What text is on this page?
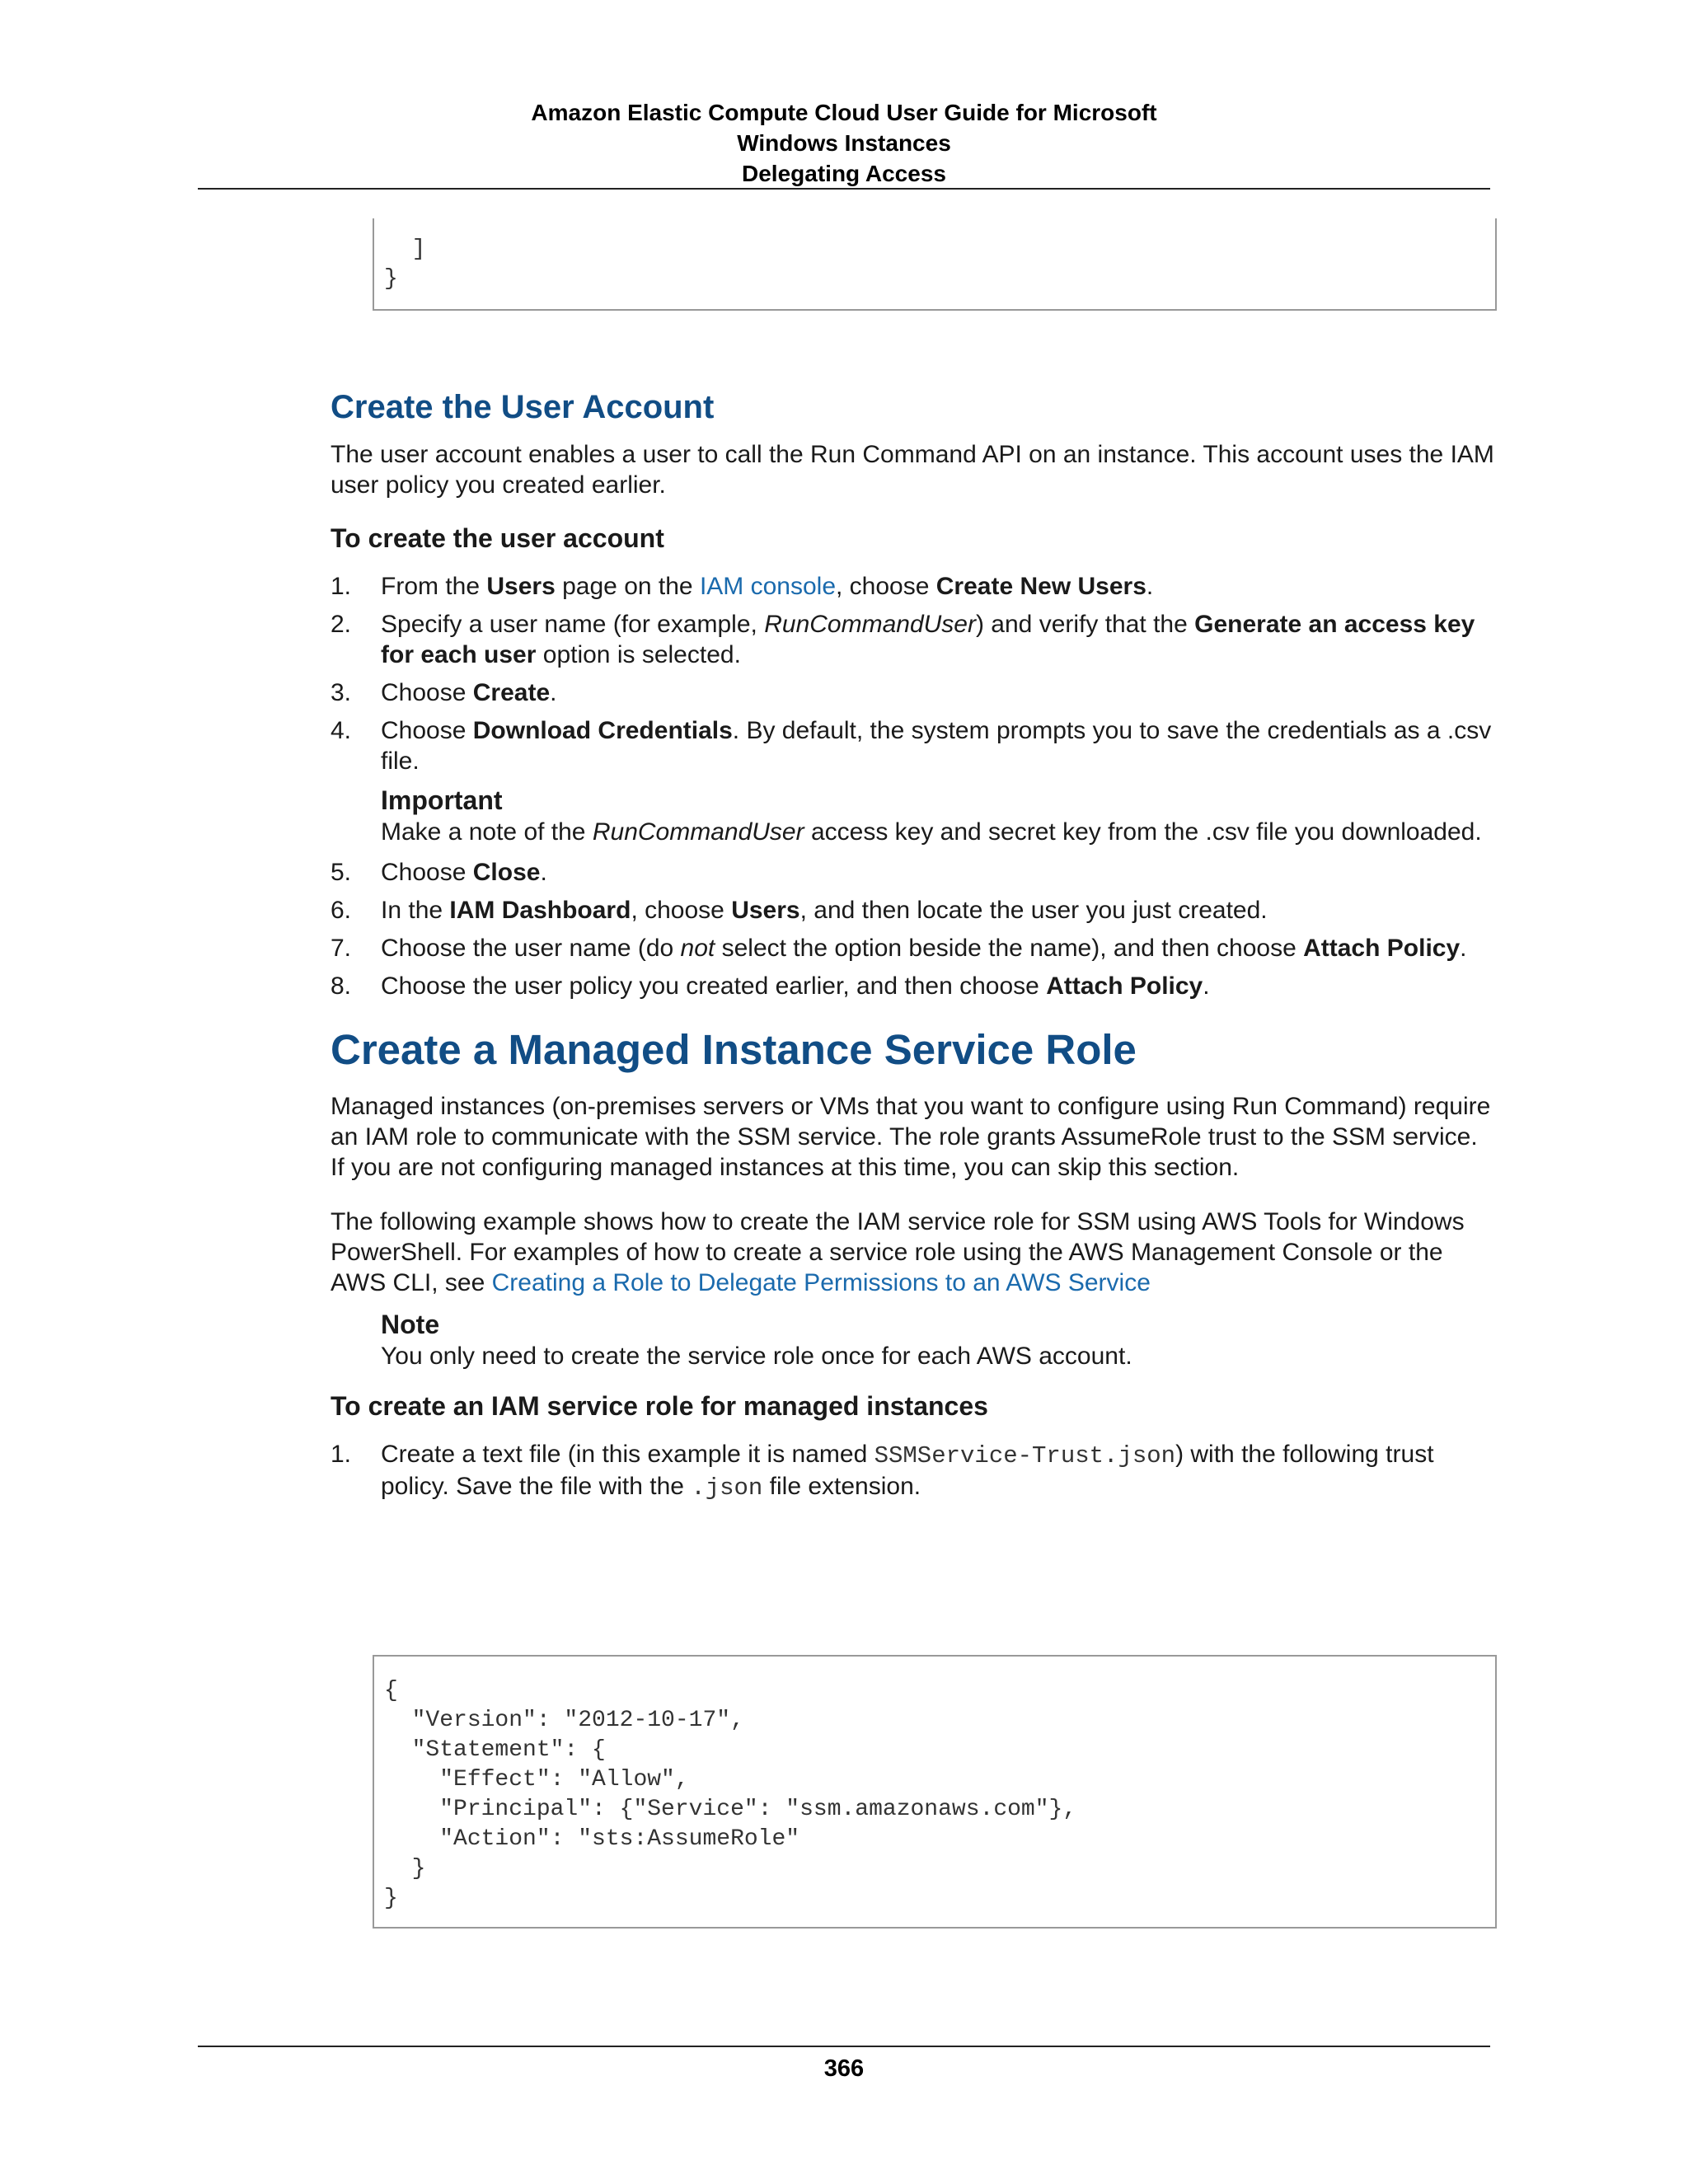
Amazon Elastic Compute Cloud User Guide for Microsoft
Windows Instances
Delegating Access
]
}
Create the User Account

The user account enables a user to call the Run Command API on an instance. This account uses the IAM user policy you created earlier.

To create the user account
1. From the Users page on the IAM console, choose Create New Users.
2. Specify a user name (for example, RunCommandUser) and verify that the Generate an access key for each user option is selected.
3. Choose Create.
4. Choose Download Credentials. By default, the system prompts you to save the credentials as a .csv file.
Important
Make a note of the RunCommandUser access key and secret key from the .csv file you downloaded.
5. Choose Close.
6. In the IAM Dashboard, choose Users, and then locate the user you just created.
7. Choose the user name (do not select the option beside the name), and then choose Attach Policy.
8. Choose the user policy you created earlier, and then choose Attach Policy.
Create a Managed Instance Service Role

Managed instances (on-premises servers or VMs that you want to configure using Run Command) require an IAM role to communicate with the SSM service. The role grants AssumeRole trust to the SSM service. If you are not configuring managed instances at this time, you can skip this section.

The following example shows how to create the IAM service role for SSM using AWS Tools for Windows PowerShell. For examples of how to create a service role using the AWS Management Console or the AWS CLI, see Creating a Role to Delegate Permissions to an AWS Service

Note
You only need to create the service role once for each AWS account.
To create an IAM service role for managed instances
1. Create a text file (in this example it is named SSMService-Trust.json) with the following trust policy. Save the file with the .json file extension.
{
"Version": "2012-10-17",
"Statement": {
"Effect": "Allow",
"Principal": {"Service": "ssm.amazonaws.com"},
"Action": "sts:AssumeRole"
}
}
366
